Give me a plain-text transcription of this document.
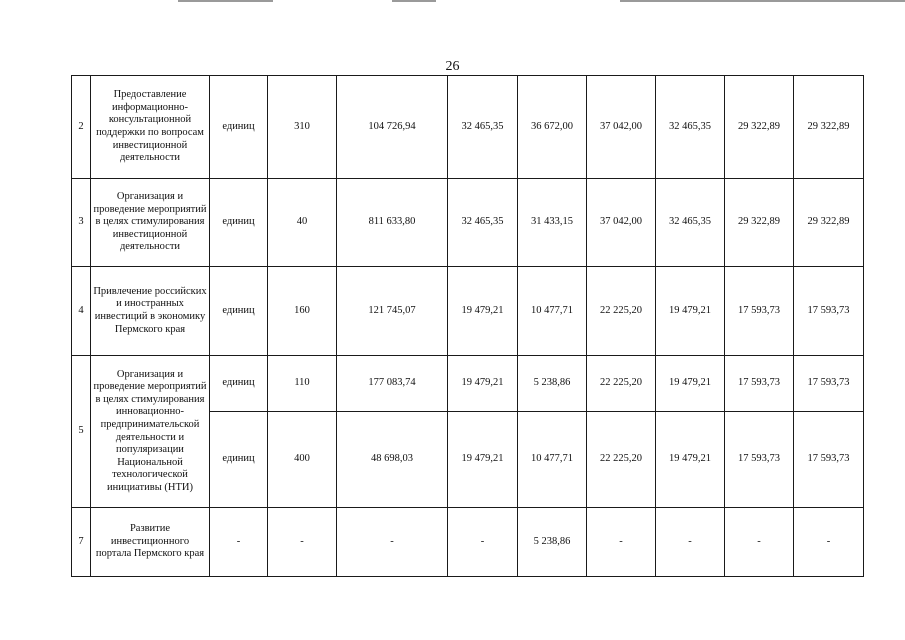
26
2	Предоставление информационно-консультационной поддержки по вопросам инвестиционной деятельности	единиц	310	104 726,94	32 465,35	36 672,00	37 042,00	32 465,35	29 322,89	29 322,89
3	Организация и проведение мероприятий в целях стимулирования инвестиционной деятельности	единиц	40	811 633,80	32 465,35	31 433,15	37 042,00	32 465,35	29 322,89	29 322,89
4	Привлечение российских и иностранных инвестиций в экономику Пермского края	единиц	160	121 745,07	19 479,21	10 477,71	22 225,20	19 479,21	17 593,73	17 593,73
5	Организация и проведение мероприятий в целях стимулирования инновационно-предпринимательской деятельности и популяризации Национальной технологической инициативы (НТИ)	единиц	110	177 083,74	19 479,21	5 238,86	22 225,20	19 479,21	17 593,73	17 593,73
		единиц	400	48 698,03	19 479,21	10 477,71	22 225,20	19 479,21	17 593,73	17 593,73
7	Развитие инвестиционного портала Пермского края	-	-	-	-	5 238,86	-	-	-	-
